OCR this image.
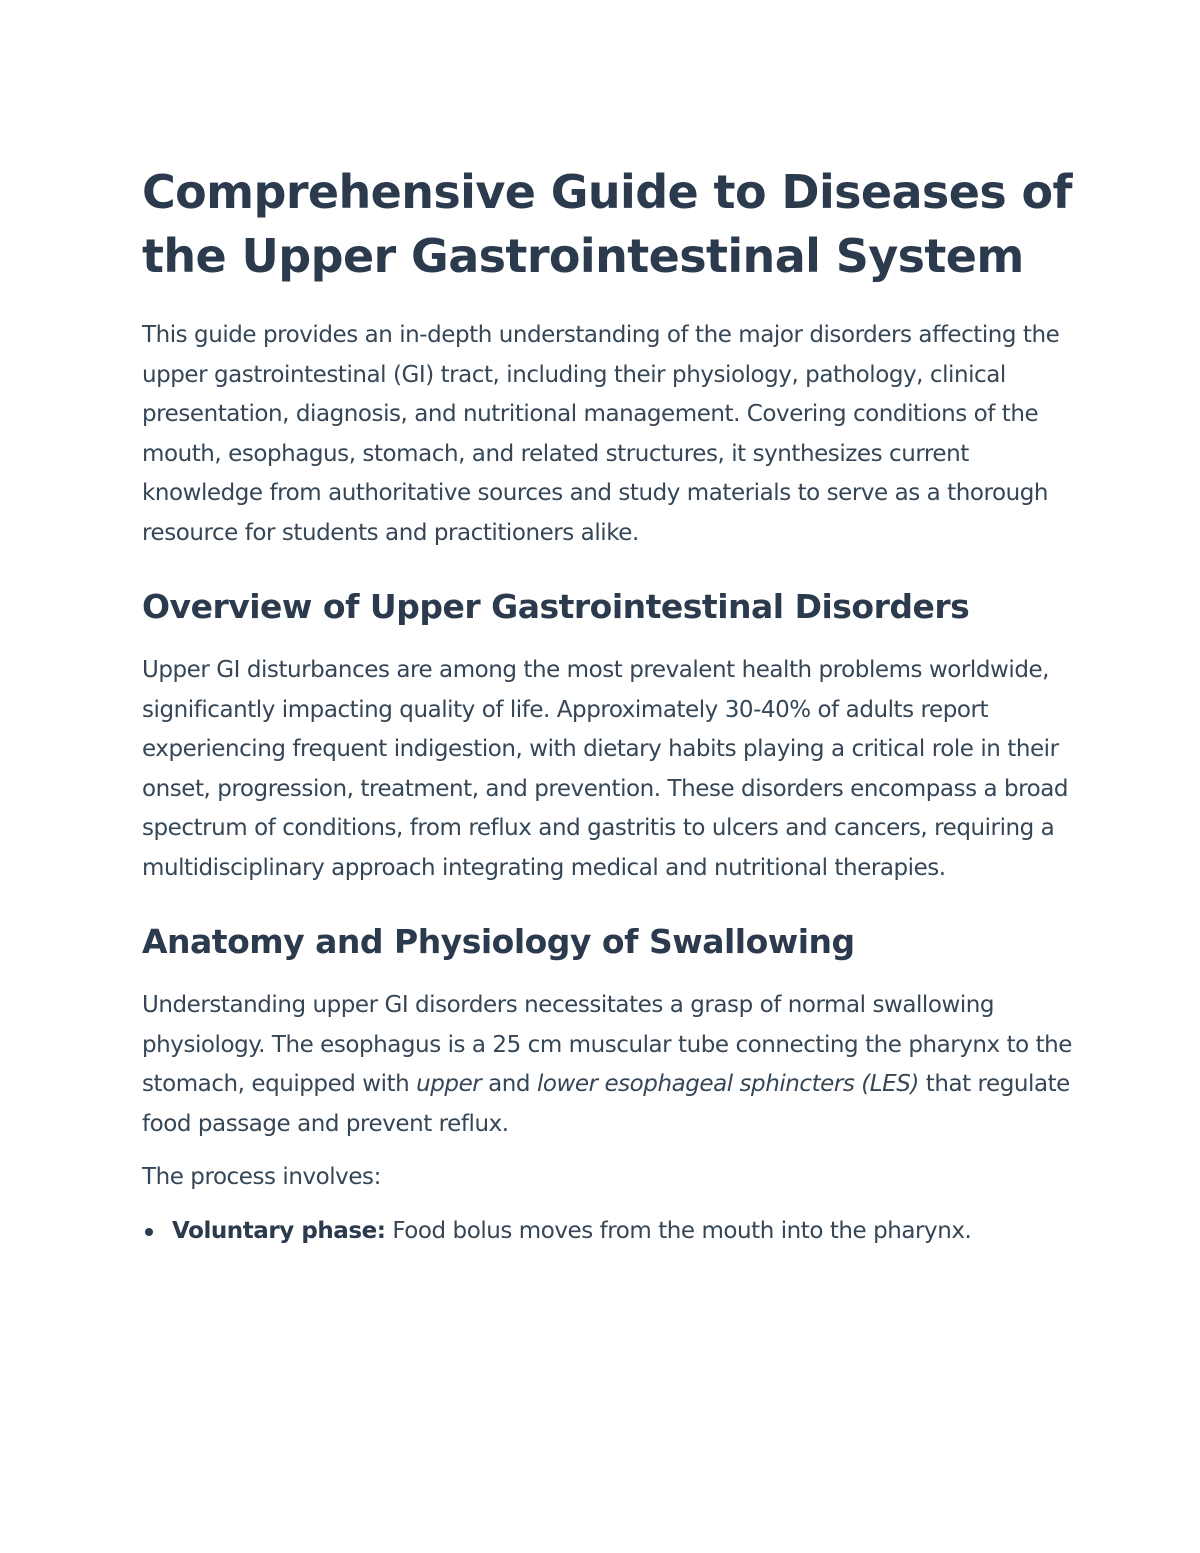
Comprehensive Guide to Diseases of the Upper Gastrointestinal System

This guide provides an in-depth understanding of the major disorders affecting the upper gastrointestinal (GI) tract, including their physiology, pathology, clinical presentation, diagnosis, and nutritional management. Covering conditions of the mouth, esophagus, stomach, and related structures, it synthesizes current knowledge from authoritative sources and study materials to serve as a thorough resource for students and practitioners alike.

Overview of Upper Gastrointestinal Disorders

Upper GI disturbances are among the most prevalent health problems worldwide, significantly impacting quality of life. Approximately 30-40% of adults report experiencing frequent indigestion, with dietary habits playing a critical role in their onset, progression, treatment, and prevention. These disorders encompass a broad spectrum of conditions, from reflux and gastritis to ulcers and cancers, requiring a multidisciplinary approach integrating medical and nutritional therapies.

Anatomy and Physiology of Swallowing

Understanding upper GI disorders necessitates a grasp of normal swallowing physiology. The esophagus is a 25 cm muscular tube connecting the pharynx to the stomach, equipped with upper and lower esophageal sphincters (LES) that regulate food passage and prevent reflux.

The process involves:

Voluntary phase: Food bolus moves from the mouth into the pharynx.
